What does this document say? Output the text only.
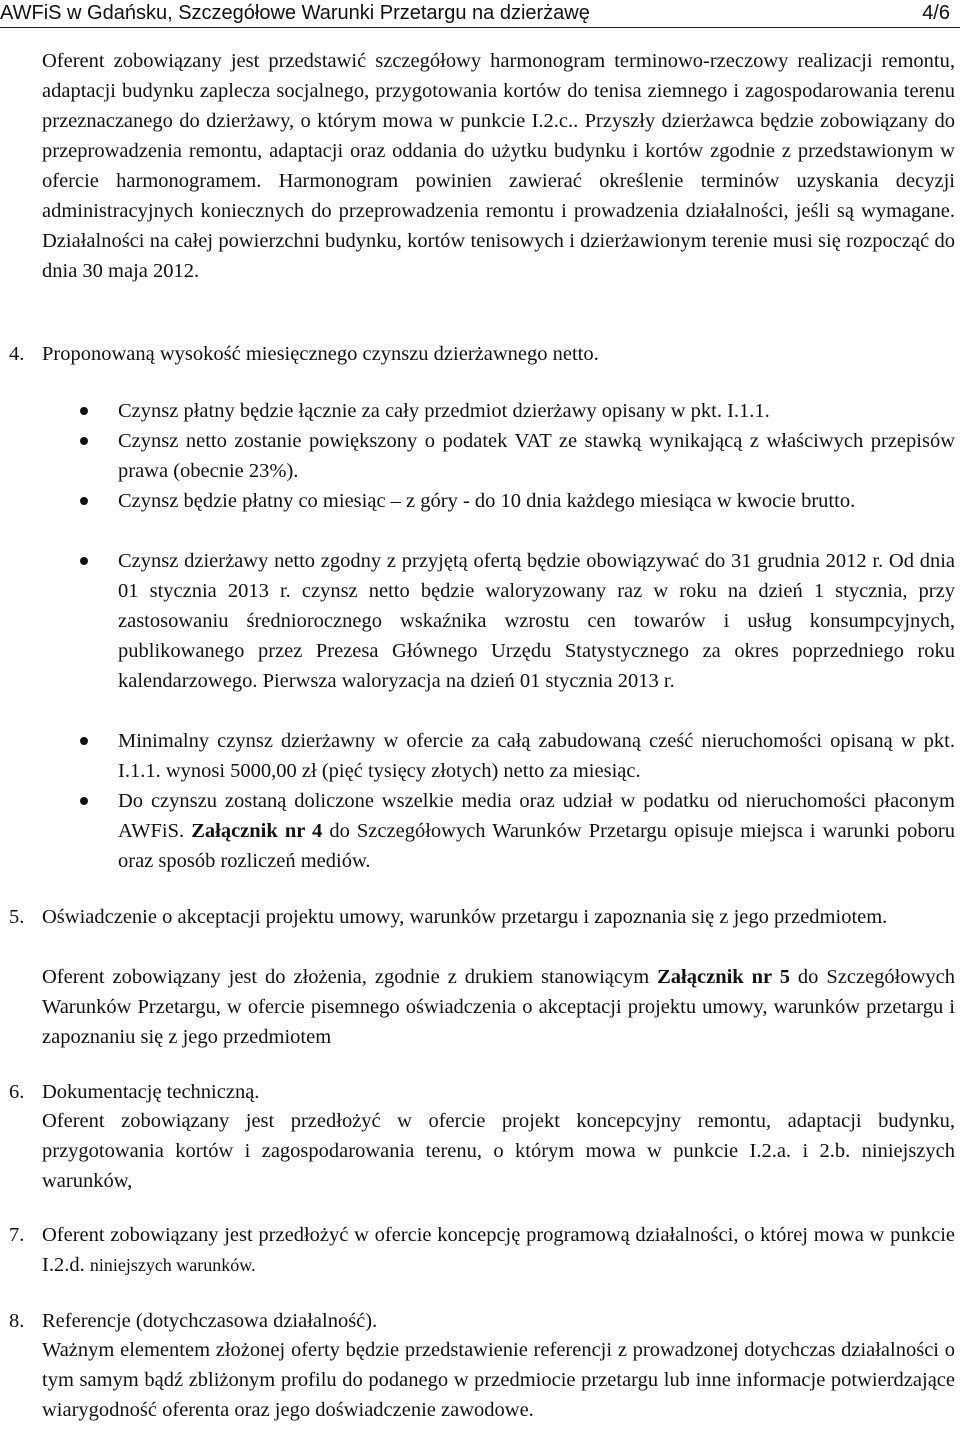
AWFiS w Gdańsku, Szczegółowe Warunki Przetargu na dzierżawę	4/6

Oferent zobowiązany jest przedstawić szczegółowy harmonogram terminowo-rzeczowy realizacji remontu, adaptacji budynku zaplecza socjalnego, przygotowania kortów do tenisa ziemnego i zagospodarowania terenu przeznaczanego do dzierżawy, o którym mowa w punkcie I.2.c.. Przyszły dzierżawca będzie zobowiązany do przeprowadzenia remontu, adaptacji oraz oddania do użytku budynku i kortów zgodnie z przedstawionym w ofercie harmonogramem. Harmonogram powinien zawierać określenie terminów uzyskania decyzji administracyjnych koniecznych do przeprowadzenia remontu i prowadzenia działalności, jeśli są wymagane. Działalności na całej powierzchni budynku, kortów tenisowych i dzierżawionym terenie musi się rozpocząć do dnia 30 maja 2012.

4. Proponowaną wysokość miesięcznego czynszu dzierżawnego netto.

Czynsz płatny będzie łącznie za cały przedmiot dzierżawy opisany w pkt. I.1.1.

Czynsz netto zostanie powiększony o podatek VAT ze stawką wynikającą z właściwych przepisów prawa (obecnie 23%).

Czynsz będzie płatny co miesiąc – z góry - do 10 dnia każdego miesiąca w kwocie brutto.

Czynsz dzierżawy netto zgodny z przyjętą ofertą będzie obowiązywać do 31 grudnia 2012 r. Od dnia 01 stycznia 2013 r. czynsz netto będzie waloryzowany raz w roku na dzień 1 stycznia, przy zastosowaniu średniorocznego wskaźnika wzrostu cen towarów i usług konsumpcyjnych, publikowanego przez Prezesa Głównego Urzędu Statystycznego za okres poprzedniego roku kalendarzowego. Pierwsza waloryzacja na dzień 01 stycznia 2013 r.

Minimalny czynsz dzierżawny w ofercie za całą zabudowaną cześć nieruchomości opisaną w pkt. I.1.1. wynosi 5000,00 zł (pięć tysięcy złotych) netto za miesiąc.

Do czynszu zostaną doliczone wszelkie media oraz udział w podatku od nieruchomości płaconym AWFiS. Załącznik nr 4 do Szczegółowych Warunków Przetargu opisuje miejsca i warunki poboru oraz sposób rozliczeń mediów.

5. Oświadczenie o akceptacji projektu umowy, warunków przetargu i zapoznania się z jego przedmiotem.

Oferent zobowiązany jest do złożenia, zgodnie z drukiem stanowiącym Załącznik nr 5 do Szczegółowych Warunków Przetargu, w ofercie pisemnego oświadczenia o akceptacji projektu umowy, warunków przetargu i zapoznaniu się z jego przedmiotem

6. Dokumentację techniczną.

Oferent zobowiązany jest przedłożyć w ofercie projekt koncepcyjny remontu, adaptacji budynku, przygotowania kortów i zagospodarowania terenu, o którym mowa w punkcie I.2.a. i 2.b. niniejszych warunków,

7. Oferent zobowiązany jest przedłożyć w ofercie koncepcję programową działalności, o której mowa w punkcie I.2.d. niniejszych warunków.

8. Referencje (dotychczasowa działalność).

Ważnym elementem złożonej oferty będzie przedstawienie referencji z prowadzonej dotychczas działalności o tym samym bądź zbliżonym profilu do podanego w przedmiocie przetargu lub inne informacje potwierdzające wiarygodność oferenta oraz jego doświadczenie zawodowe.
